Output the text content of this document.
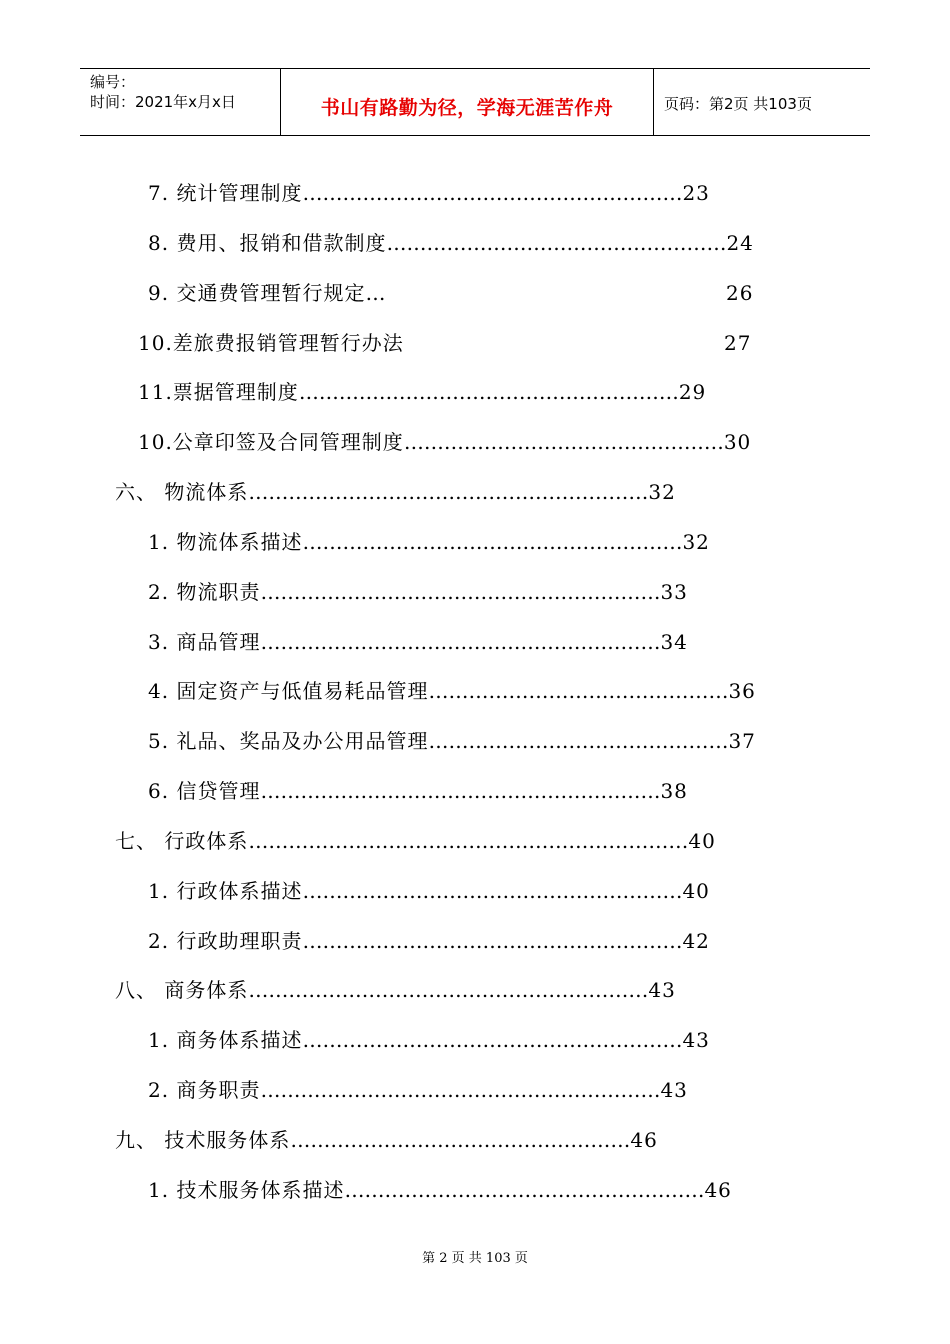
编号：
时间：2021年x月x日	书山有路勤为径，学海无涯苦作舟	页码：第2页 共103页
7. 统计管理制度…………………………………………………23
8. 费用、报销和借款制度……………………………………………24
9. 交通费管理暂行规定…	26
10.差旅费报销管理暂行办法	27
11.票据管理制度…………………………………………………29
10.公章印签及合同管理制度…………………………………………30
六、 物流体系……………………………………………………32
1. 物流体系描述…………………………………………………32
2. 物流职责……………………………………………………33
3. 商品管理……………………………………………………34
4. 固定资产与低值易耗品管理………………………………………36
5. 礼品、奖品及办公用品管理………………………………………37
6. 信贷管理……………………………………………………38
七、 行政体系…………………………………………………………40
1. 行政体系描述…………………………………………………40
2. 行政助理职责…………………………………………………42
八、 商务体系……………………………………………………43
1. 商务体系描述…………………………………………………43
2. 商务职责……………………………………………………43
九、 技术服务体系……………………………………………46
1. 技术服务体系描述………………………………………………46
第 2 页 共 103 页
